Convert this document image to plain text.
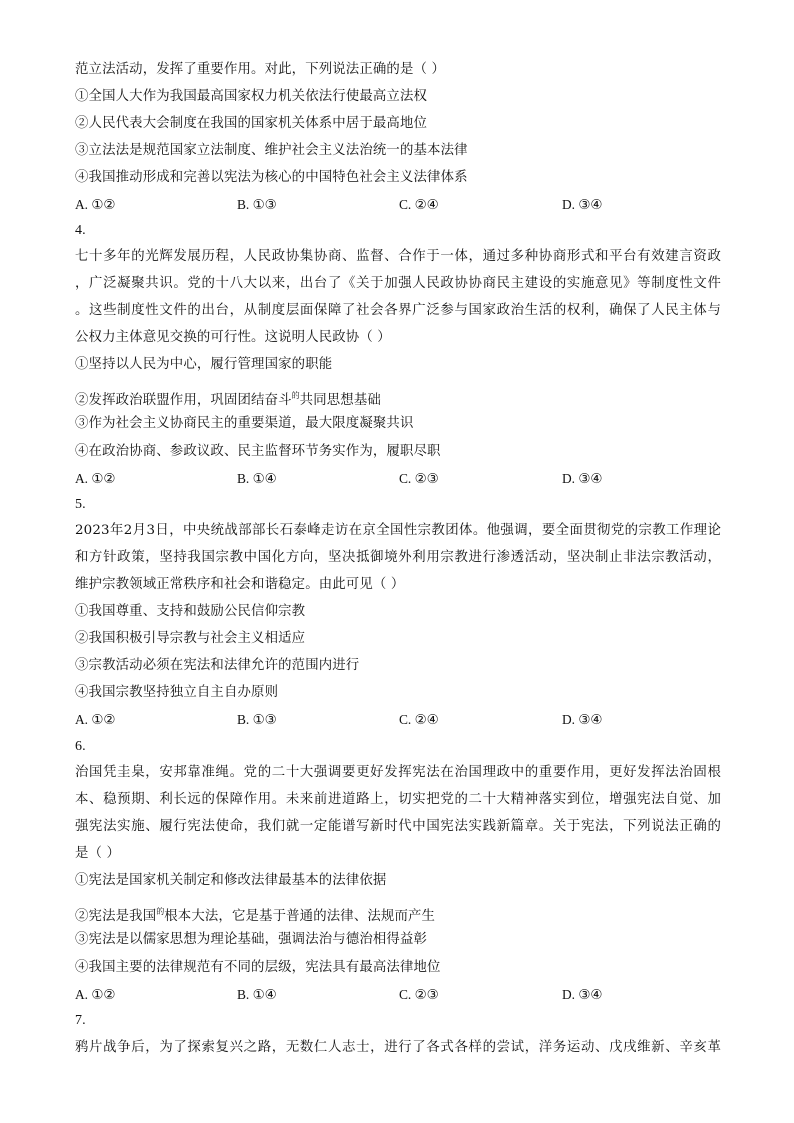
范立法活动，发挥了重要作用。对此，下列说法正确的是（ ）
①全国人大作为我国最高国家权力机关依法行使最高立法权
②人民代表大会制度在我国的国家机关体系中居于最高地位
③立法法是规范国家立法制度、维护社会主义法治统一的基本法律
④我国推动形成和完善以宪法为核心的中国特色社会主义法律体系
A. ①②	B. ①③	C. ②④	D. ③④
4.
七十多年的光辉发展历程，人民政协集协商、监督、合作于一体，通过多种协商形式和平台有效建言资政
，广泛凝聚共识。党的十八大以来，出台了《关于加强人民政协协商民主建设的实施意见》等制度性文件
。这些制度性文件的出台，从制度层面保障了社会各界广泛参与国家政治生活的权利，确保了人民主体与
公权力主体意见交换的可行性。这说明人民政协（ ）
①坚持以人民为中心，履行管理国家的职能
②发挥政治联盟作用，巩固团结奋斗$^的$共同思想基础
③作为社会主义协商民主的重要渠道，最大限度凝聚共识
④在政治协商、参政议政、民主监督环节务实作为，履职尽职
A. ①②	B. ①④	C. ②③	D. ③④
5.
2023年2月3日，中央统战部部长石泰峰走访在京全国性宗教团体。他强调，要全面贯彻党的宗教工作理论
和方针政策，坚持我国宗教中国化方向，坚决抵御境外利用宗教进行渗透活动，坚决制止非法宗教活动，
维护宗教领域正常秩序和社会和谐稳定。由此可见（ ）
①我国尊重、支持和鼓励公民信仰宗教
②我国积极引导宗教与社会主义相适应
③宗教活动必须在宪法和法律允许的范围内进行
④我国宗教坚持独立自主自办原则
A. ①②	B. ①③	C. ②④	D. ③④
6.
治国凭圭臬，安邦靠准绳。党的二十大强调要更好发挥宪法在治国理政中的重要作用，更好发挥法治固根
本、稳预期、利长远的保障作用。未来前进道路上，切实把党的二十大精神落实到位，增强宪法自觉、加
强宪法实施、履行宪法使命，我们就一定能谱写新时代中国宪法实践新篇章。关于宪法，下列说法正确的
是（ ）
①宪法是国家机关制定和修改法律最基本的法律依据
②宪法是我国$^的$根本大法，它是基于普通的法律、法规而产生
③宪法是以儒家思想为理论基础，强调法治与德治相得益彰
④我国主要的法律规范有不同的层级，宪法具有最高法律地位
A. ①②	B. ①④	C. ②③	D. ③④
7.
鸦片战争后，为了探索复兴之路，无数仁人志士，进行了各式各样的尝试，洋务运动、戊戌维新、辛亥革
